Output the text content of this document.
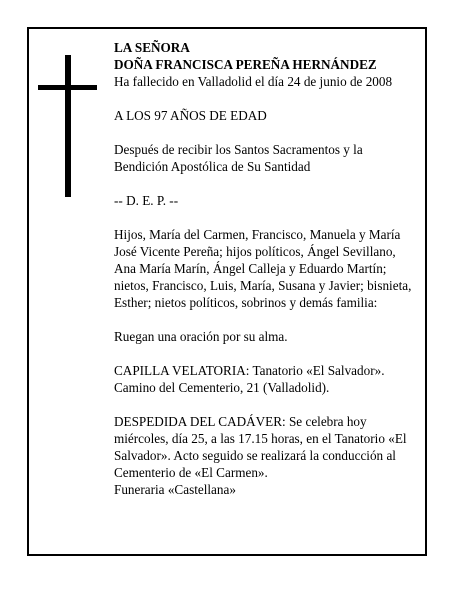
LA SEÑORA

DOÑA FRANCISCA PEREÑA HERNÁNDEZ

Ha fallecido en Valladolid el día 24 de junio de 2008

A LOS 97 AÑOS DE EDAD

Después de recibir los Santos Sacramentos y la Bendición Apostólica de Su Santidad

-- D. E. P. --

Hijos, María del Carmen, Francisco, Manuela y María José Vicente Pereña; hijos políticos, Ángel Sevillano, Ana María Marín, Ángel Calleja y Eduardo Martín; nietos, Francisco, Luis, María, Susana y Javier; bisnieta, Esther; nietos políticos, sobrinos y demás familia:

Ruegan una oración por su alma.

CAPILLA VELATORIA: Tanatorio «El Salvador». Camino del Cementerio, 21 (Valladolid).

DESPEDIDA DEL CADÁVER: Se celebra hoy miércoles, día 25, a las 17.15 horas, en el Tanatorio «El Salvador». Acto seguido se realizará la conducción al Cementerio de «El Carmen».

Funeraria «Castellana»
